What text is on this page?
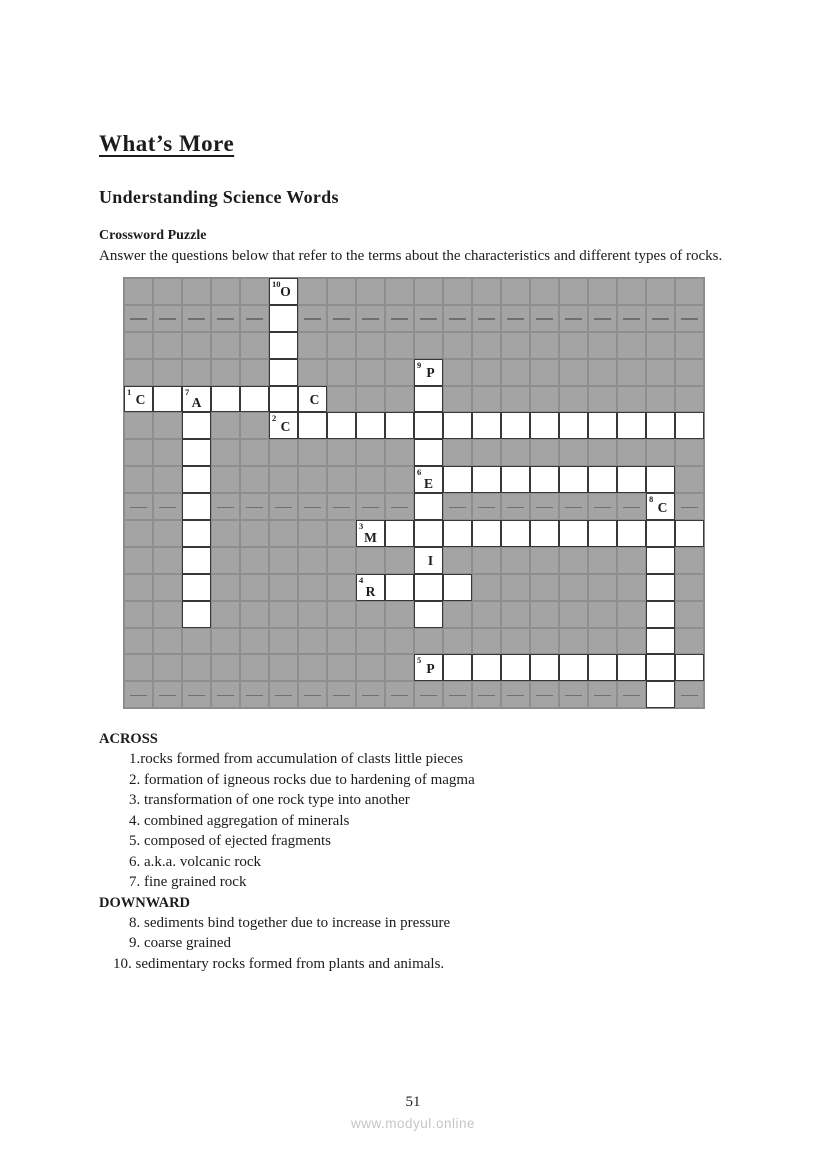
What’s More
Understanding Science Words
Crossword Puzzle

Answer the questions below that refer to the terms about the characteristics and different types of rocks.

10
O
9
P
1
C
7
A	C
2
C
6
E
8
C
3
M
I
4
R
5
P
ACROSS
1.rocks formed from accumulation of clasts little pieces
2. formation of igneous rocks due to hardening of magma
3. transformation of one rock type into another
4. combined aggregation of minerals
5. composed of ejected fragments
6. a.k.a. volcanic rock
7. fine grained rock
DOWNWARD
8. sediments bind together due to increase in pressure
9. coarse grained
10. sedimentary rocks formed from plants and animals.
51
www.modyul.online
